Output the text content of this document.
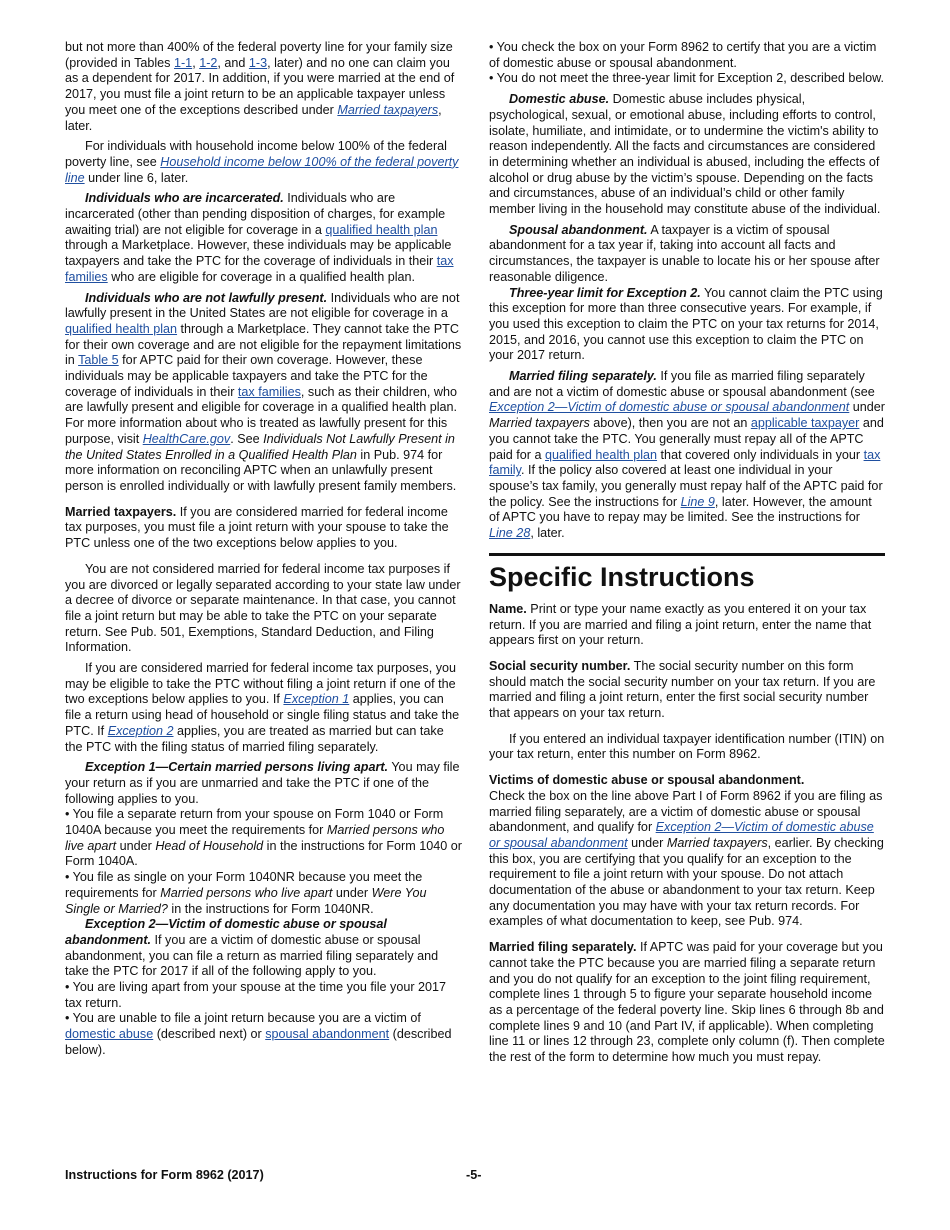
but not more than 400% of the federal poverty line for your family size (provided in Tables 1-1, 1-2, and 1-3, later) and no one can claim you as a dependent for 2017. In addition, if you were married at the end of 2017, you must file a joint return to be an applicable taxpayer unless you meet one of the exceptions described under Married taxpayers, later.

For individuals with household income below 100% of the federal poverty line, see Household income below 100% of the federal poverty line under line 6, later.

Individuals who are incarcerated. Individuals who are incarcerated (other than pending disposition of charges, for example awaiting trial) are not eligible for coverage in a qualified health plan through a Marketplace. However, these individuals may be applicable taxpayers and take the PTC for the coverage of individuals in their tax families who are eligible for coverage in a qualified health plan.

Individuals who are not lawfully present. Individuals who are not lawfully present in the United States are not eligible for coverage in a qualified health plan through a Marketplace. They cannot take the PTC for their own coverage and are not eligible for the repayment limitations in Table 5 for APTC paid for their own coverage. However, these individuals may be applicable taxpayers and take the PTC for the coverage of individuals in their tax families, such as their children, who are lawfully present and eligible for coverage in a qualified health plan. For more information about who is treated as lawfully present for this purpose, visit HealthCare.gov. See Individuals Not Lawfully Present in the United States Enrolled in a Qualified Health Plan in Pub. 974 for more information on reconciling APTC when an unlawfully present person is enrolled individually or with lawfully present family members.

Married taxpayers. If you are considered married for federal income tax purposes, you must file a joint return with your spouse to take the PTC unless one of the two exceptions below applies to you.

You are not considered married for federal income tax purposes if you are divorced or legally separated according to your state law under a decree of divorce or separate maintenance. In that case, you cannot file a joint return but may be able to take the PTC on your separate return. See Pub. 501, Exemptions, Standard Deduction, and Filing Information.

If you are considered married for federal income tax purposes, you may be eligible to take the PTC without filing a joint return if one of the two exceptions below applies to you. If Exception 1 applies, you can file a return using head of household or single filing status and take the PTC. If Exception 2 applies, you are treated as married but can take the PTC with the filing status of married filing separately.

Exception 1—Certain married persons living apart. You may file your return as if you are unmarried and take the PTC if one of the following applies to you.

• You file a separate return from your spouse on Form 1040 or Form 1040A because you meet the requirements for Married persons who live apart under Head of Household in the instructions for Form 1040 or Form 1040A.

• You file as single on your Form 1040NR because you meet the requirements for Married persons who live apart under Were You Single or Married? in the instructions for Form 1040NR.

Exception 2—Victim of domestic abuse or spousal abandonment. If you are a victim of domestic abuse or spousal abandonment, you can file a return as married filing separately and take the PTC for 2017 if all of the following apply to you.

• You are living apart from your spouse at the time you file your 2017 tax return.

• You are unable to file a joint return because you are a victim of domestic abuse (described next) or spousal abandonment (described below).

• You check the box on your Form 8962 to certify that you are a victim of domestic abuse or spousal abandonment.

• You do not meet the three-year limit for Exception 2, described below.

Domestic abuse. Domestic abuse includes physical, psychological, sexual, or emotional abuse, including efforts to control, isolate, humiliate, and intimidate, or to undermine the victim's ability to reason independently. All the facts and circumstances are considered in determining whether an individual is abused, including the effects of alcohol or drug abuse by the victim’s spouse. Depending on the facts and circumstances, abuse of an individual’s child or other family member living in the household may constitute abuse of the individual.

Spousal abandonment. A taxpayer is a victim of spousal abandonment for a tax year if, taking into account all facts and circumstances, the taxpayer is unable to locate his or her spouse after reasonable diligence.

Three-year limit for Exception 2. You cannot claim the PTC using this exception for more than three consecutive years. For example, if you used this exception to claim the PTC on your tax returns for 2014, 2015, and 2016, you cannot use this exception to claim the PTC on your 2017 return.

Married filing separately. If you file as married filing separately and are not a victim of domestic abuse or spousal abandonment (see Exception 2—Victim of domestic abuse or spousal abandonment under Married taxpayers above), then you are not an applicable taxpayer and you cannot take the PTC. You generally must repay all of the APTC paid for a qualified health plan that covered only individuals in your tax family. If the policy also covered at least one individual in your spouse’s tax family, you generally must repay half of the APTC paid for the policy. See the instructions for Line 9, later. However, the amount of APTC you have to repay may be limited. See the instructions for Line 28, later.

Specific Instructions

Name. Print or type your name exactly as you entered it on your tax return. If you are married and filing a joint return, enter the name that appears first on your return.

Social security number. The social security number on this form should match the social security number on your tax return. If you are married and filing a joint return, enter the first social security number that appears on your tax return.

If you entered an individual taxpayer identification number (ITIN) on your tax return, enter this number on Form 8962.

Victims of domestic abuse or spousal abandonment.
Check the box on the line above Part I of Form 8962 if you are filing as married filing separately, are a victim of domestic abuse or spousal abandonment, and qualify for Exception 2—Victim of domestic abuse or spousal abandonment under Married taxpayers, earlier. By checking this box, you are certifying that you qualify for an exception to the requirement to file a joint return with your spouse. Do not attach documentation of the abuse or abandonment to your tax return. Keep any documentation you may have with your tax return records. For examples of what documentation to keep, see Pub. 974.

Married filing separately. If APTC was paid for your coverage but you cannot take the PTC because you are married filing a separate return and you do not qualify for an exception to the joint filing requirement, complete lines 1 through 5 to figure your separate household income as a percentage of the federal poverty line. Skip lines 6 through 8b and complete lines 9 and 10 (and Part IV, if applicable). When completing line 11 or lines 12 through 23, complete only column (f). Then complete the rest of the form to determine how much you must repay.

Instructions for Form 8962 (2017)	-5-
